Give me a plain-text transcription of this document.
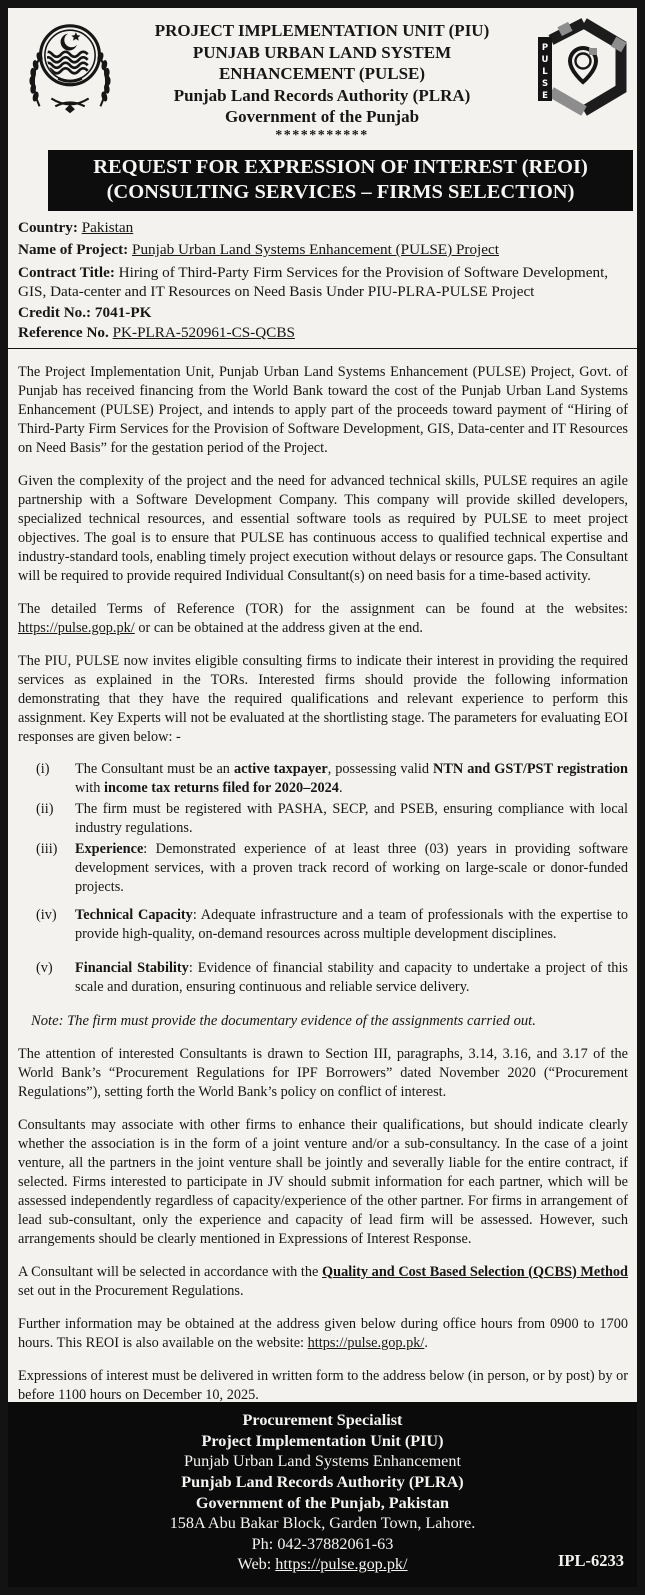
PROJECT IMPLEMENTATION UNIT (PIU)
PUNJAB URBAN LAND SYSTEM
ENHANCEMENT (PULSE)
Punjab Land Records Authority (PLRA)
Government of the Punjab
***********
P
U
L
S
E
REQUEST FOR EXPRESSION OF INTEREST (REOI)
(CONSULTING SERVICES – FIRMS SELECTION)
Country: Pakistan
Name of Project: Punjab Urban Land Systems Enhancement (PULSE) Project
Contract Title: Hiring of Third-Party Firm Services for the Provision of Software Development, GIS, Data-center and IT Resources on Need Basis Under PIU-PLRA-PULSE Project
Credit No.: 7041-PK
Reference No. PK-PLRA-520961-CS-QCBS

The Project Implementation Unit, Punjab Urban Land Systems Enhancement (PULSE) Project, Govt. of Punjab has received financing from the World Bank toward the cost of the Punjab Urban Land Systems Enhancement (PULSE) Project, and intends to apply part of the proceeds toward payment of “Hiring of Third-Party Firm Services for the Provision of Software Development, GIS, Data-center and IT Resources on Need Basis” for the gestation period of the Project.

Given the complexity of the project and the need for advanced technical skills, PULSE requires an agile partnership with a Software Development Company. This company will provide skilled developers, specialized technical resources, and essential software tools as required by PULSE to meet project objectives. The goal is to ensure that PULSE has continuous access to qualified technical expertise and industry-standard tools, enabling timely project execution without delays or resource gaps. The Consultant will be required to provide required Individual Consultant(s) on need basis for a time-based activity.

The detailed Terms of Reference (TOR) for the assignment can be found at the websites: https://pulse.gop.pk/ or can be obtained at the address given at the end.

The PIU, PULSE now invites eligible consulting firms to indicate their interest in providing the required services as explained in the TORs. Interested firms should provide the following information demonstrating that they have the required qualifications and relevant experience to perform this assignment. Key Experts will not be evaluated at the shortlisting stage. The parameters for evaluating EOI responses are given below: -

(i) The Consultant must be an active taxpayer, possessing valid NTN and GST/PST registration with income tax returns filed for 2020–2024.
(ii) The firm must be registered with PASHA, SECP, and PSEB, ensuring compliance with local industry regulations.
(iii) Experience: Demonstrated experience of at least three (03) years in providing software development services, with a proven track record of working on large-scale or donor-funded projects.
(iv) Technical Capacity: Adequate infrastructure and a team of professionals with the expertise to provide high-quality, on-demand resources across multiple development disciplines.
(v) Financial Stability: Evidence of financial stability and capacity to undertake a project of this scale and duration, ensuring continuous and reliable service delivery.

Note: The firm must provide the documentary evidence of the assignments carried out.

The attention of interested Consultants is drawn to Section III, paragraphs, 3.14, 3.16, and 3.17 of the World Bank’s “Procurement Regulations for IPF Borrowers” dated November 2020 (“Procurement Regulations”), setting forth the World Bank’s policy on conflict of interest.

Consultants may associate with other firms to enhance their qualifications, but should indicate clearly whether the association is in the form of a joint venture and/or a sub-consultancy. In the case of a joint venture, all the partners in the joint venture shall be jointly and severally liable for the entire contract, if selected. Firms interested to participate in JV should submit information for each partner, which will be assessed independently regardless of capacity/experience of the other partner. For firms in arrangement of lead sub-consultant, only the experience and capacity of lead firm will be assessed. However, such arrangements should be clearly mentioned in Expressions of Interest Response.

A Consultant will be selected in accordance with the Quality and Cost Based Selection (QCBS) Method set out in the Procurement Regulations.

Further information may be obtained at the address given below during office hours from 0900 to 1700 hours. This REOI is also available on the website: https://pulse.gop.pk/.

Expressions of interest must be delivered in written form to the address below (in person, or by post) by or before 1100 hours on December 10, 2025.

Procurement Specialist
Project Implementation Unit (PIU)
Punjab Urban Land Systems Enhancement
Punjab Land Records Authority (PLRA)
Government of the Punjab, Pakistan
158A Abu Bakar Block, Garden Town, Lahore.
Ph: 042-37882061-63
Web: https://pulse.gop.pk/	IPL-6233
